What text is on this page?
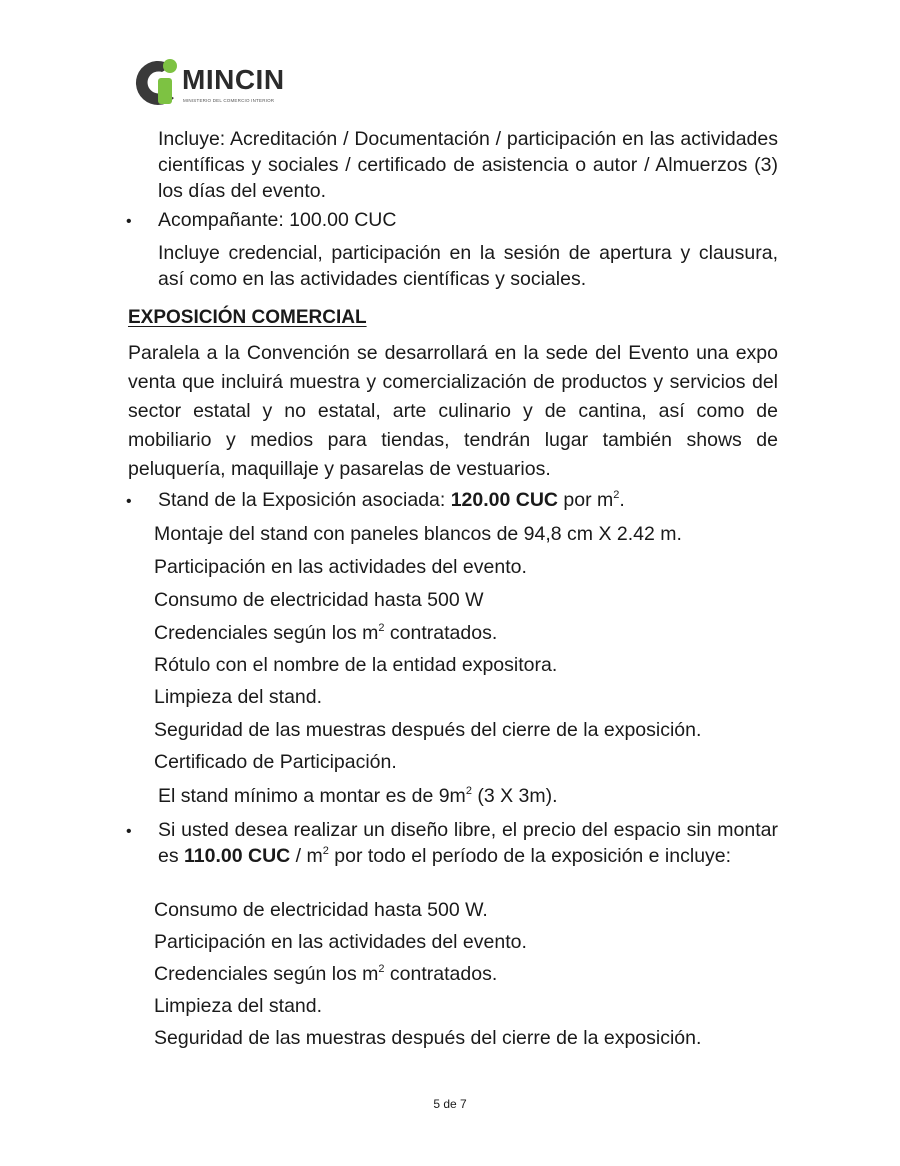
MINCIN
MINISTERIO DEL COMERCIO INTERIOR
Incluye: Acreditación / Documentación / participación en las actividades científicas y sociales / certificado de asistencia o autor / Almuerzos (3) los días del evento.
• Acompañante: 100.00 CUC
Incluye credencial, participación en la sesión de apertura y clausura, así como en las actividades científicas y sociales.
EXPOSICIÓN COMERCIAL
Paralela a la Convención se desarrollará en la sede del Evento una expo venta que incluirá muestra y comercialización de productos y servicios del sector estatal y no estatal, arte culinario y de cantina, así como de mobiliario y medios para tiendas, tendrán lugar también shows de peluquería, maquillaje y pasarelas de vestuarios.
• Stand de la Exposición asociada: 120.00 CUC por $m^2$.
Montaje del stand con paneles blancos de 94,8 cm X 2.42 m.
Participación en las actividades del evento.
Consumo de electricidad hasta 500 W
Credenciales según los $m^2$ contratados.
Rótulo con el nombre de la entidad expositora.
Limpieza del stand.
Seguridad de las muestras después del cierre de la exposición.
Certificado de Participación.
El stand mínimo a montar es de $9m^2$ (3 X 3m).
• Si usted desea realizar un diseño libre, el precio del espacio sin montar es 110.00 CUC / $m^2$ por todo el período de la exposición e incluye:
Consumo de electricidad hasta 500 W.
Participación en las actividades del evento.
Credenciales según los $m^2$ contratados.
Limpieza del stand.
Seguridad de las muestras después del cierre de la exposición.
5 de 7
